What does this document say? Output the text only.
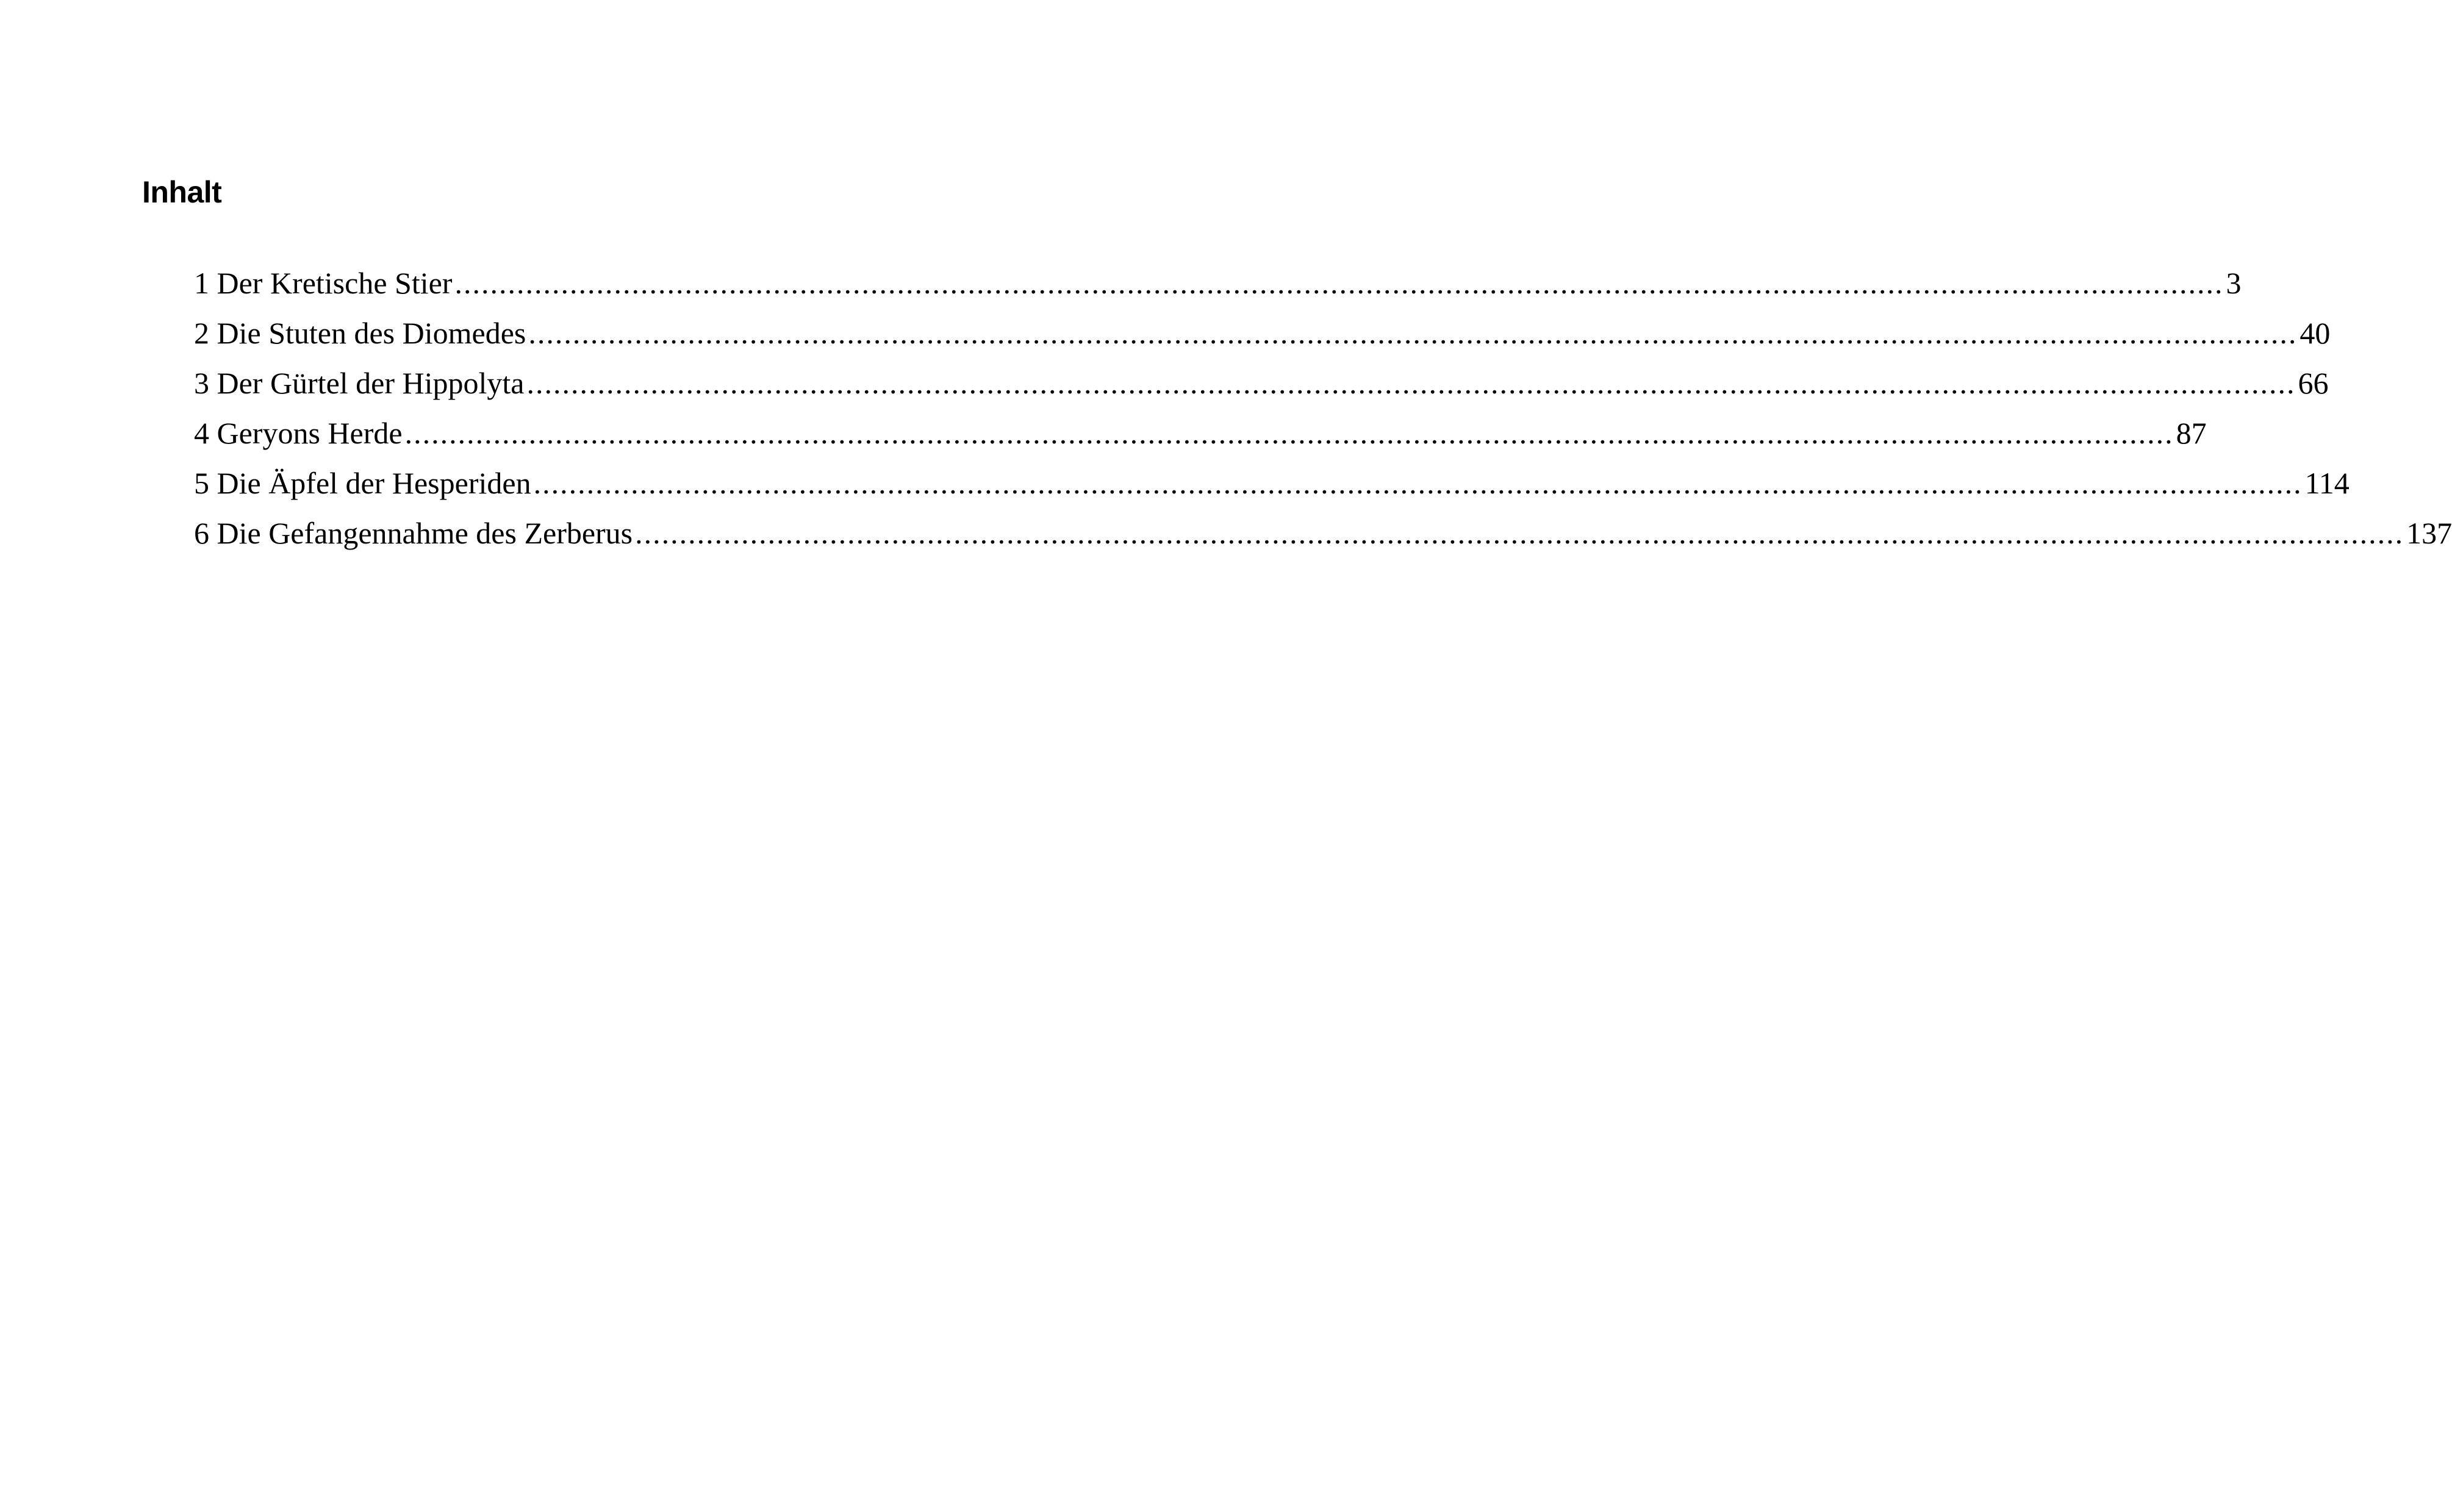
Inhalt
1 Der Kretische Stier ........................................................................................................................................................................................................ 3
2 Die Stuten des Diomedes ........................................................................................................................................................................................................ 40
3 Der Gürtel der Hippolyta ........................................................................................................................................................................................................ 66
4 Geryons Herde ........................................................................................................................................................................................................ 87
5 Die Äpfel der Hesperiden ........................................................................................................................................................................................................ 114
6 Die Gefangennahme des Zerberus ........................................................................................................................................................................................................ 137
